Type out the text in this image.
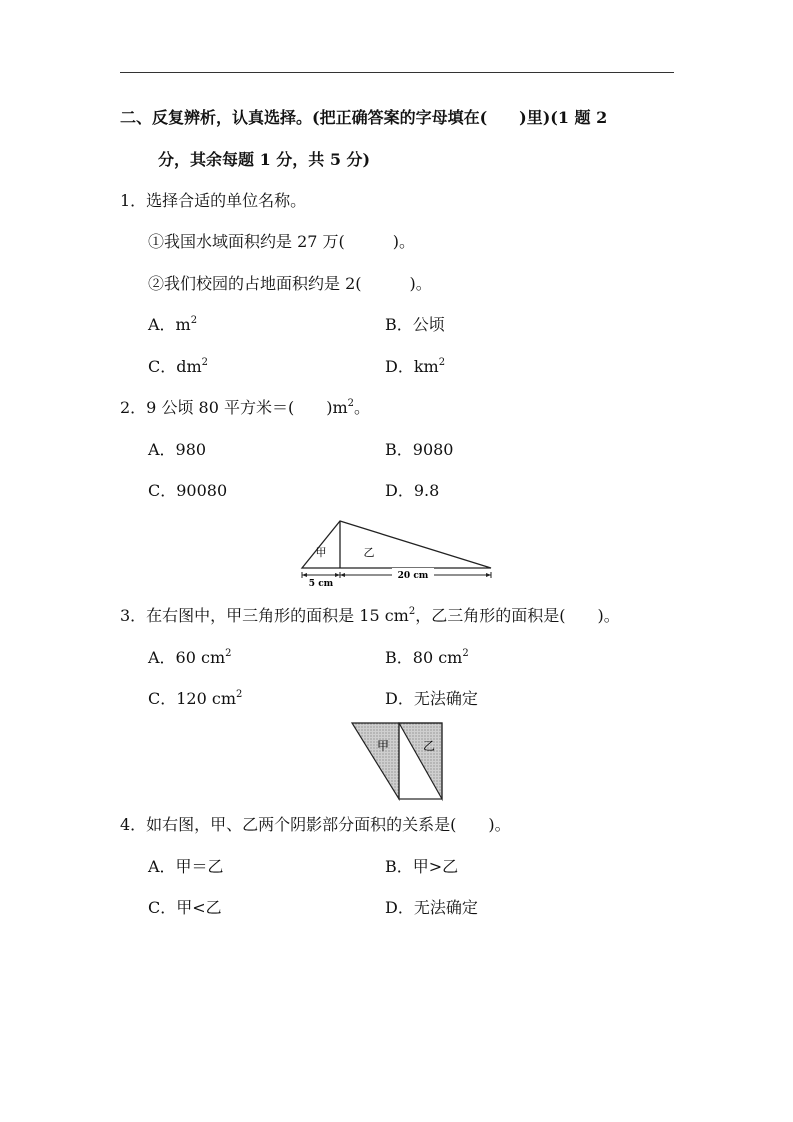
二、反复辨析，认真选择。(把正确答案的字母填在(　　)里)(1 题 2
分，其余每题 1 分，共 5 分)
1．选择合适的单位名称。
①我国水域面积约是 27 万(　　　)。
②我们校园的占地面积约是 2(　　　)。
A．$m^2$	B．公顷
C．$dm^2$	D．$km^2$
2．9 公顷 80 平方米＝(　　)$m^2$。
A．980	B．9080
C．90080	D．9.8
甲	乙
5 cm
20 cm
3．在右图中，甲三角形的面积是 15 $cm^2$，乙三角形的面积是(　　)。
A．60 $cm^2$	B．80 $cm^2$
C．120 $cm^2$	D．无法确定
甲	乙
4．如右图，甲、乙两个阴影部分面积的关系是(　　)。
A．甲＝乙	B．甲>乙
C．甲<乙	D．无法确定
